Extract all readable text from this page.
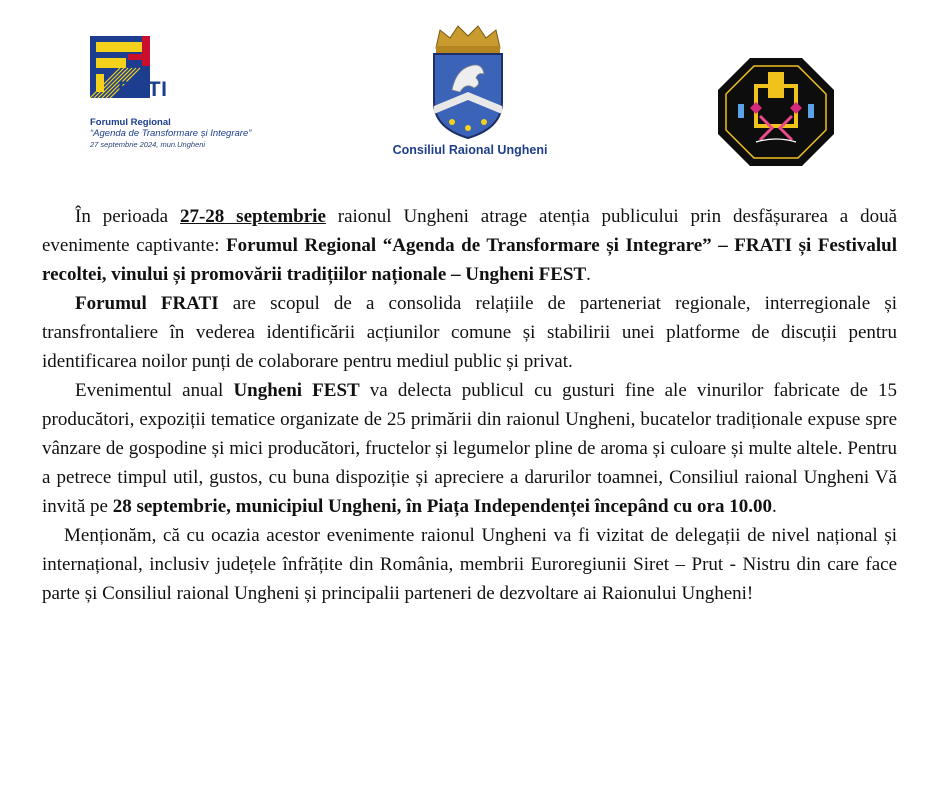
RATI
Forumul Regional
“Agenda de Transformare și Integrare”
27 septembrie 2024, mun.Ungheni	Consiliul Raional Ungheni

În perioada 27-28 septembrie raionul Ungheni atrage atenția publicului prin desfășurarea a două evenimente captivante: Forumul Regional “Agenda de Transformare și Integrare” – FRATI și Festivalul recoltei, vinului și promovării tradițiilor naționale – Ungheni FEST.

Forumul FRATI are scopul de a consolida relațiile de parteneriat regionale, interregionale și transfrontaliere în vederea identificării acțiunilor comune și stabilirii unei platforme de discuții pentru identificarea noilor punți de colaborare pentru mediul public și privat.

Evenimentul anual Ungheni FEST va delecta publicul cu gusturi fine ale vinurilor fabricate de 15 producători, expoziții tematice organizate de 25 primării din raionul Ungheni, bucatelor tradiționale expuse spre vânzare de gospodine și mici producători, fructelor și legumelor pline de aroma și culoare și multe altele. Pentru a petrece timpul util, gustos, cu buna dispoziție și apreciere a darurilor toamnei, Consiliul raional Ungheni Vă invită pe 28 septembrie, municipiul Ungheni, în Piața Independenței începând cu ora 10.00.

Menționăm, că cu ocazia acestor evenimente raionul Ungheni va fi vizitat de delegații de nivel național și internațional, inclusiv județele înfrățite din România, membrii Euroregiunii Siret – Prut - Nistru din care face parte și Consiliul raional Ungheni și principalii parteneri de dezvoltare ai Raionului Ungheni!
